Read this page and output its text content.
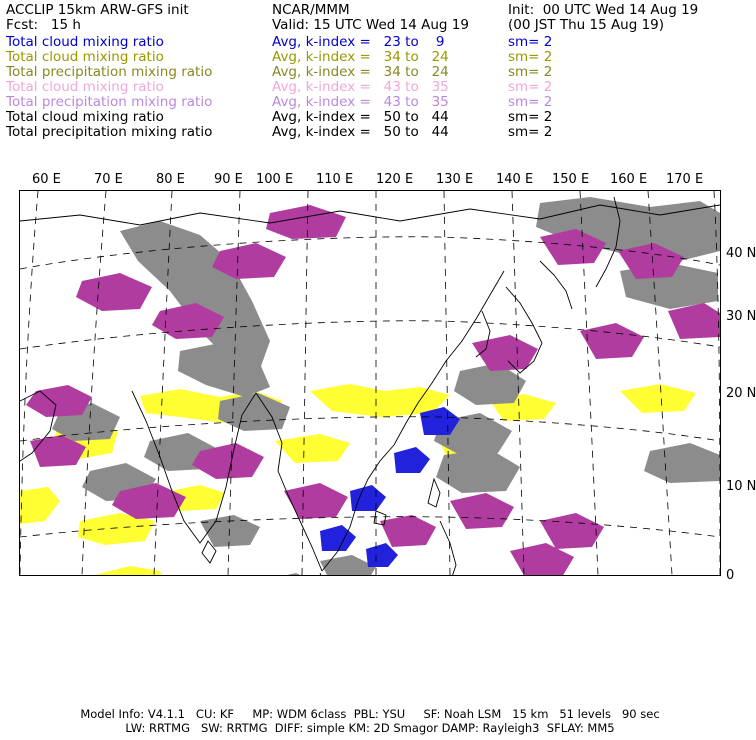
ACCLIP 15km ARW-GFS init
Fcst:   15 h
Total cloud mixing ratio
Total cloud mixing ratio
Total precipitation mixing ratio
Total cloud mixing ratio
Total precipitation mixing ratio
Total cloud mixing ratio
Total precipitation mixing ratio
NCAR/MMM
Valid: 15 UTC Wed 14 Aug 19
Avg, k-index =   23 to    9
Avg, k-index =   34 to   24
Avg, k-index =   34 to   24
Avg, k-index =   43 to   35
Avg, k-index =   43 to   35
Avg, k-index =   50 to   44
Avg, k-index =   50 to   44
Init:  00 UTC Wed 14 Aug 19
(00 JST Thu 15 Aug 19)
sm= 2
sm= 2
sm= 2
sm= 2
sm= 2
sm= 2
sm= 2
60 E	70 E	80 E 90 E 100 E 110 E 120 E 130 E 140 E 150 E 160 E 170 E
40 N
30 N
20 N
10 N
0
Model Info: V4.1.1   CU: KF     MP: WDM 6class  PBL: YSU     SF: Noah LSM   15 km   51 levels   90 sec
LW: RRTMG   SW: RRTMG  DIFF: simple KM: 2D Smagor DAMP: Rayleigh3  SFLAY: MM5
